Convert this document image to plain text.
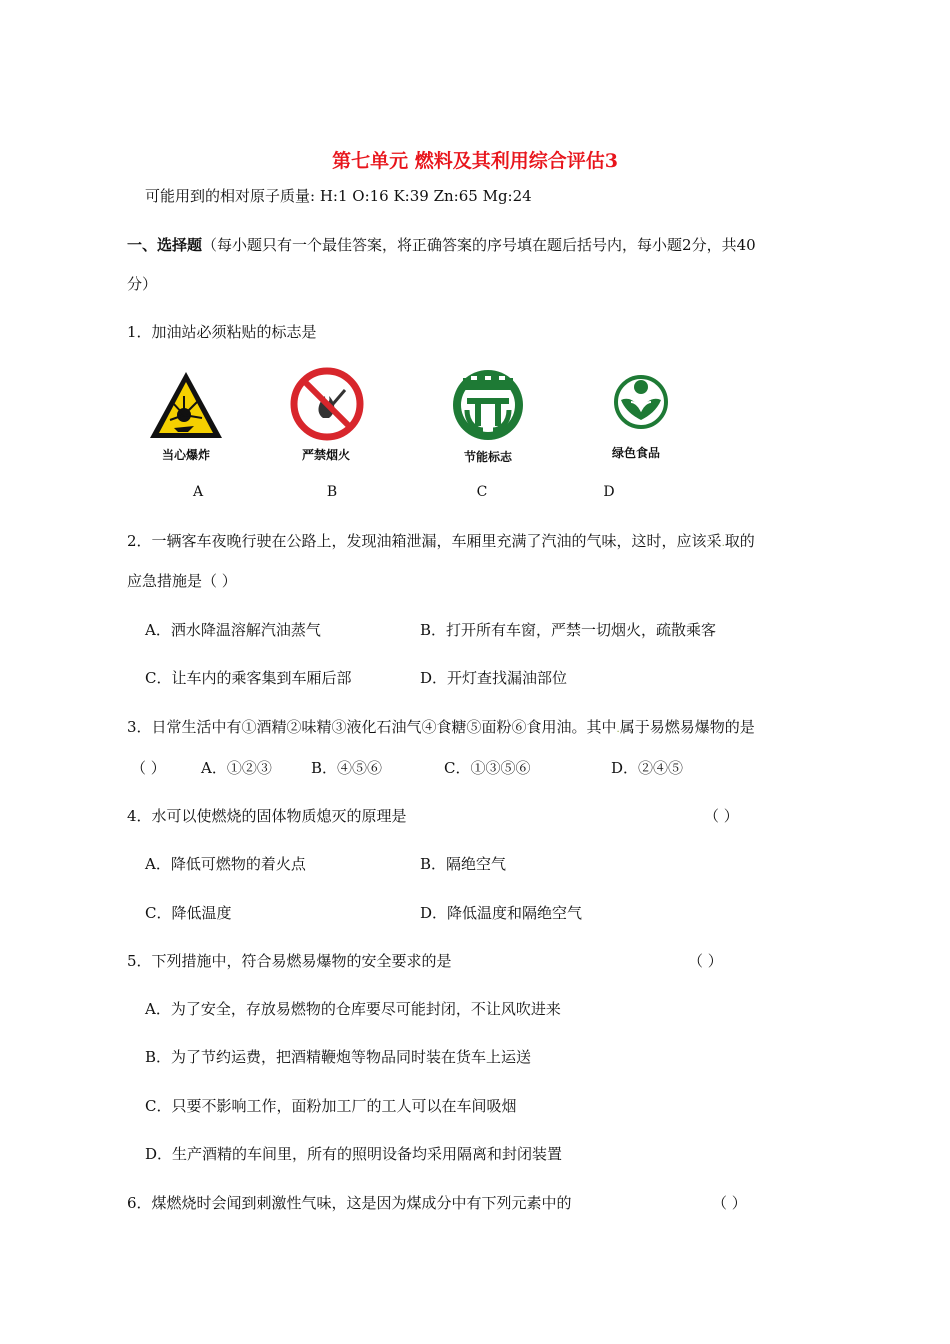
第七单元 燃料及其利用综合评估3
可能用到的相对原子质量: H:1 O:16 K:39 Zn:65 Mg:24
一、选择题（每小题只有一个最佳答案，将正确答案的序号填在题后括号内，每小题2分，共40
分）
1．加油站必须粘贴的标志是
当心爆炸
A
严禁烟火
B
节能标志
C
绿色食品
D
2．一辆客车夜晚行驶在公路上，发现油箱泄漏，车厢里充满了汽油的气味，这时，应该采.取的
应急措施是（ ）
A．洒水降温溶解汽油蒸气	B．打开所有车窗，严禁一切烟火，疏散乘客
C．让车内的乘客集到车厢后部	D．开灯查找漏油部位
3．日常生活中有①酒精②味精③液化石油气④食糖⑤面粉⑥食用油。其中.属于易燃易爆物的是
（ ） A．①②③	B．④⑤⑥	C．①③⑤⑥	D．②④⑤
4．水可以使燃烧的固体物质熄灭的原理是	（ ）
A．降低可燃物的着火点	B．隔绝空气
C．降低温度	D．降低温度和隔绝空气
5．下列措施中，符合易燃易爆物的安全要求的是	（ ）
A．为了安全，存放易燃物的仓库要尽可能封闭，不让风吹进来
B．为了节约运费，把酒精鞭炮等物品同时装在货车上运送
C．只要不影响工作，面粉加工厂的工人可以在车间吸烟
D．生产酒精的车间里，所有的照明设备均采用隔离和封闭装置
6．煤燃烧时会闻到刺激性气味，这是因为煤成分中有下列元素中的	（ ）
